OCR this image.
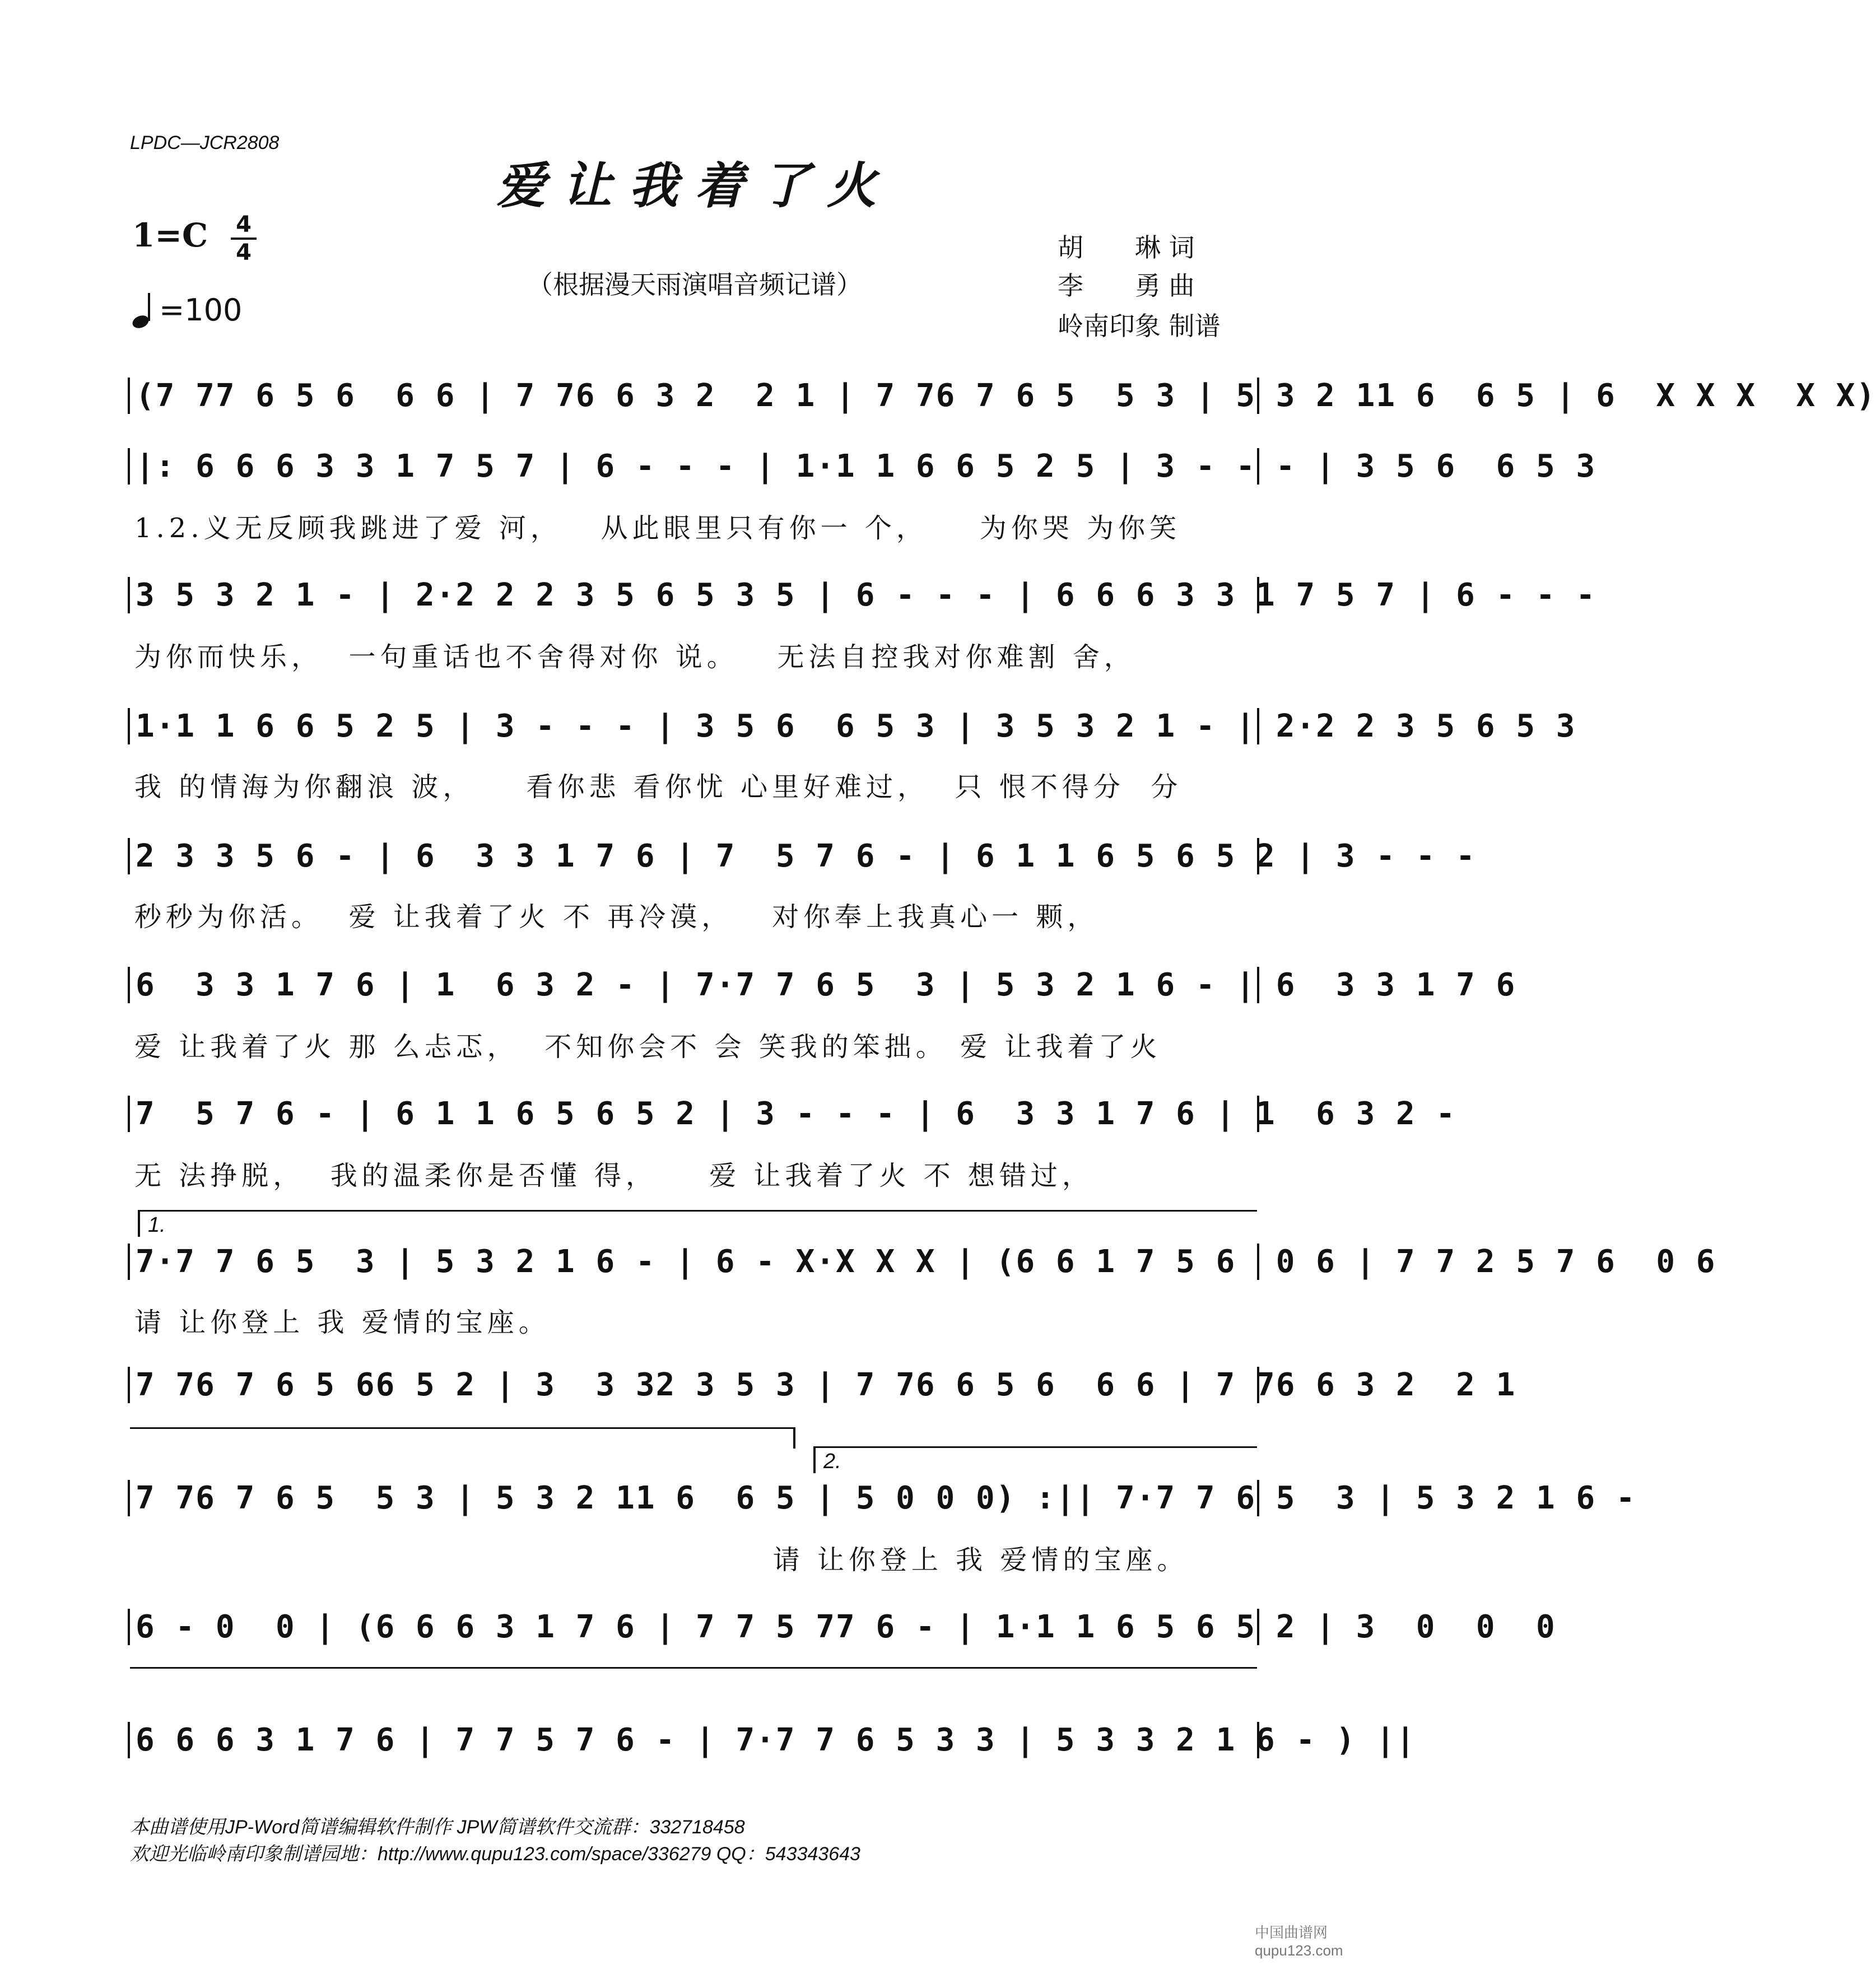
LPDC—JCR2808
爱让我着了火
1=C 4
4
=100
（根据漫天雨演唱音频记谱）
胡　　琳 词
李　　勇 曲
岭南印象 制谱
(7 77 6 5 6  6 6 | 7 76 6 3 2  2 1 | 7 76 7 6 5  5 3 | 5 3 2 11 6  6 5 | 6  X X X  X X)
|: 6 6 6 3 3 1 7 5 7 | 6 - - - | 1·1 1 6 6 5 2 5 | 3 - - - | 3 5 6  6 5 3
1.2.义无反顾我跳进了爱 河，   从此眼里只有你一 个，    为你哭 为你笑
3 5 3 2 1 - | 2·2 2 2 3 5 6 5 3 5 | 6 - - - | 6 6 6 3 3 1 7 5 7 | 6 - - -
为你而快乐，  一句重话也不舍得对你 说。   无法自控我对你难割 舍，
1·1 1 6 6 5 2 5 | 3 - - - | 3 5 6  6 5 3 | 3 5 3 2 1 - | 2·2 2 3 5 6 5 3
我 的情海为你翻浪 波，    看你悲 看你忧 心里好难过，  只 恨不得分  分
2 3 3 5 6 - | 6  3 3 1 7 6 | 7  5 7 6 - | 6 1 1 6 5 6 5 2 | 3 - - -
秒秒为你活。  爱 让我着了火 不 再冷漠，   对你奉上我真心一 颗，
6  3 3 1 7 6 | 1  6 3 2 - | 7·7 7 6 5  3 | 5 3 2 1 6 - | 6  3 3 1 7 6
爱 让我着了火 那 么忐忑，  不知你会不 会 笑我的笨拙。 爱 让我着了火
7  5 7 6 - | 6 1 1 6 5 6 5 2 | 3 - - - | 6  3 3 1 7 6 | 1  6 3 2 -
无 法挣脱，  我的温柔你是否懂 得，    爱 让我着了火 不 想错过，
1.
7·7 7 6 5  3 | 5 3 2 1 6 - | 6 - X·X X X | (6 6 1 7 5 6  0 6 | 7 7 2 5 7 6  0 6
请 让你登上 我 爱情的宝座。
7 76 7 6 5 66 5 2 | 3  3 32 3 5 3 | 7 76 6 5 6  6 6 | 7 76 6 3 2  2 1
2.
7 76 7 6 5  5 3 | 5 3 2 11 6  6 5 | 5 0 0 0) :|| 7·7 7 6 5  3 | 5 3 2 1 6 -
请 让你登上 我 爱情的宝座。
6 - 0  0 | (6 6 6 3 1 7 6 | 7 7 5 77 6 - | 1·1 1 6 5 6 5 2 | 3  0  0  0
6 6 6 3 1 7 6 | 7 7 5 7 6 - | 7·7 7 6 5 3 3 | 5 3 3 2 1 6 - ) ||
本曲谱使用JP-Word简谱编辑软件制作 JPW简谱软件交流群：332718458
欢迎光临岭南印象制谱园地：http://www.qupu123.com/space/336279 QQ：543343643
中国曲谱网 qupu123.com
